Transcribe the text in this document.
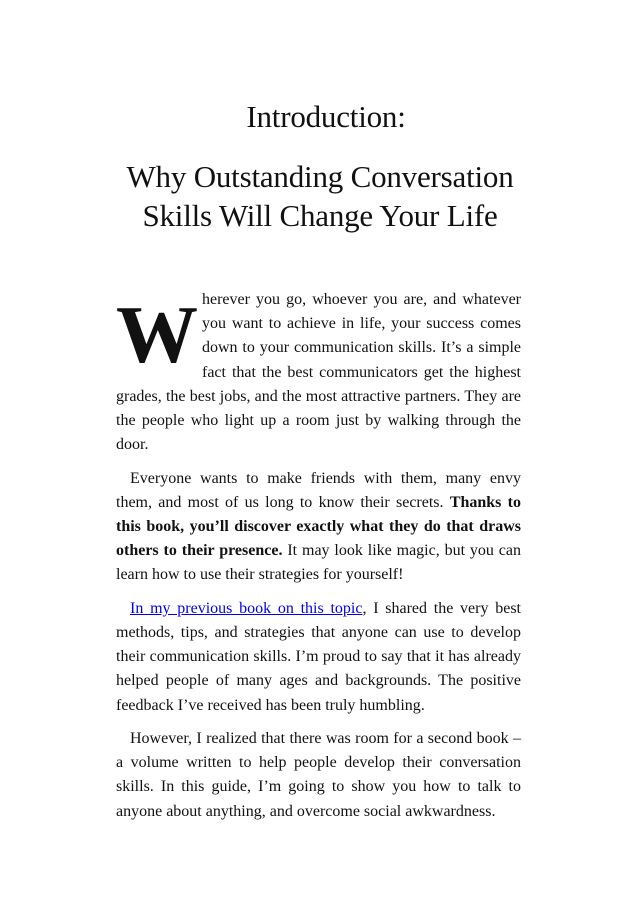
Introduction:
Why Outstanding Conversation Skills Will Change Your Life

Wherever you go, whoever you are, and whatever you want to achieve in life, your success comes down to your communication skills. It’s a simple fact that the best communicators get the highest grades, the best jobs, and the most attractive partners. They are the people who light up a room just by walking through the door.

Everyone wants to make friends with them, many envy them, and most of us long to know their secrets. Thanks to this book, you’ll discover exactly what they do that draws others to their presence. It may look like magic, but you can learn how to use their strategies for yourself!

In my previous book on this topic, I shared the very best methods, tips, and strategies that anyone can use to develop their communication skills. I’m proud to say that it has already helped people of many ages and backgrounds. The positive feedback I’ve received has been truly humbling.

However, I realized that there was room for a second book – a volume written to help people develop their conversation skills. In this guide, I’m going to show you how to talk to anyone about anything, and overcome social awkwardness.
